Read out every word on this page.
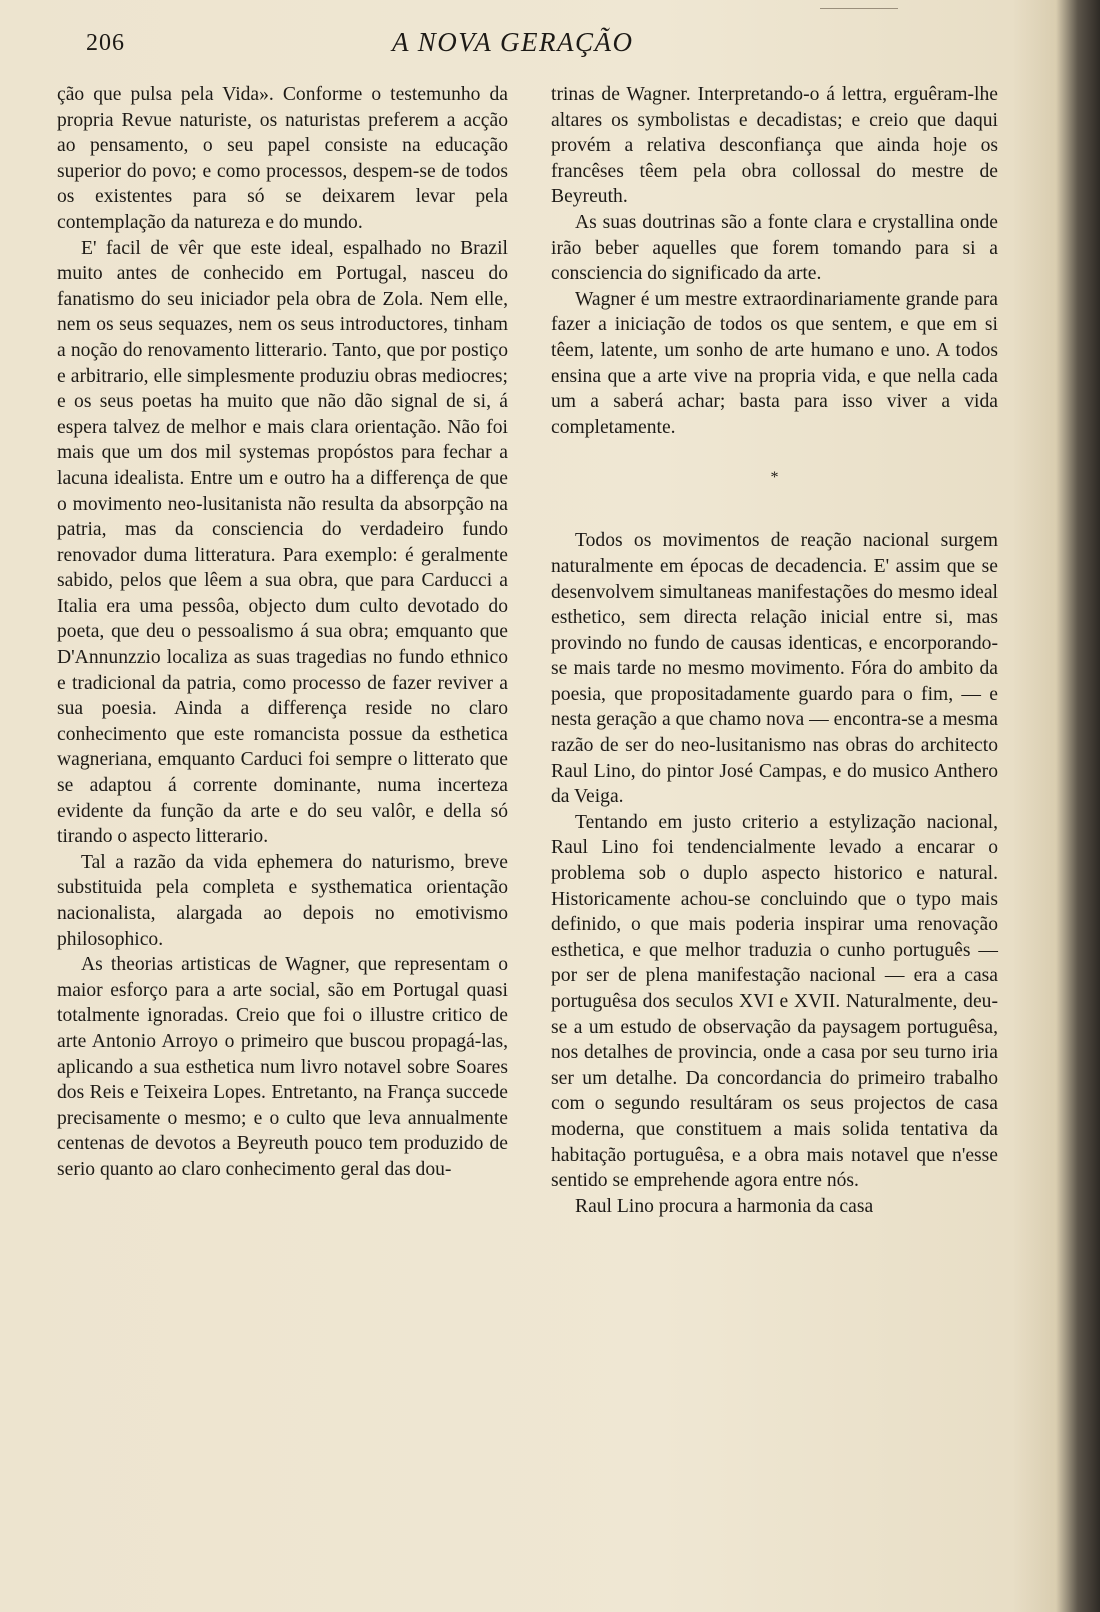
206	A NOVA GERAÇÃO

ção que pulsa pela Vida». Conforme o testemunho da propria Revue naturiste, os naturistas preferem a acção ao pensamento, o seu papel consiste na educação superior do povo; e como processos, despem-se de todos os existentes para só se deixarem levar pela contemplação da natureza e do mundo.

E' facil de vêr que este ideal, espalhado no Brazil muito antes de conhecido em Portugal, nasceu do fanatismo do seu iniciador pela obra de Zola. Nem elle, nem os seus sequazes, nem os seus introductores, tinham a noção do renovamento litterario. Tanto, que por postiço e arbitrario, elle simplesmente produziu obras mediocres; e os seus poetas ha muito que não dão signal de si, á espera talvez de melhor e mais clara orientação. Não foi mais que um dos mil systemas propóstos para fechar a lacuna idealista. Entre um e outro ha a differença de que o movimento neo-lusitanista não resulta da absorpção na patria, mas da consciencia do verdadeiro fundo renovador duma litteratura. Para exemplo: é geralmente sabido, pelos que lêem a sua obra, que para Carducci a Italia era uma pessôa, objecto dum culto devotado do poeta, que deu o pessoalismo á sua obra; emquanto que D'Annunzzio localiza as suas tragedias no fundo ethnico e tradicional da patria, como processo de fazer reviver a sua poesia. Ainda a differença reside no claro conhecimento que este romancista possue da esthetica wagneriana, emquanto Carduci foi sempre o litterato que se adaptou á corrente dominante, numa incerteza evidente da função da arte e do seu valôr, e della só tirando o aspecto litterario.

Tal a razão da vida ephemera do naturismo, breve substituida pela completa e systhematica orientação nacionalista, alargada ao depois no emotivismo philosophico.

As theorias artisticas de Wagner, que representam o maior esforço para a arte social, são em Portugal quasi totalmente ignoradas. Creio que foi o illustre critico de arte Antonio Arroyo o primeiro que buscou propagá-las, aplicando a sua esthetica num livro notavel sobre Soares dos Reis e Teixeira Lopes. Entretanto, na França succede precisamente o mesmo; e o culto que leva annualmente centenas de devotos a Beyreuth pouco tem produzido de serio quanto ao claro conhecimento geral das dou-

trinas de Wagner. Interpretando-o á lettra, erguêram-lhe altares os symbolistas e decadistas; e creio que daqui provém a relativa desconfiança que ainda hoje os francêses têem pela obra collossal do mestre de Beyreuth.

As suas doutrinas são a fonte clara e crystallina onde irão beber aquelles que forem tomando para si a consciencia do significado da arte.

Wagner é um mestre extraordinariamente grande para fazer a iniciação de todos os que sentem, e que em si têem, latente, um sonho de arte humano e uno. A todos ensina que a arte vive na propria vida, e que nella cada um a saberá achar; basta para isso viver a vida completamente.

*

Todos os movimentos de reação nacional surgem naturalmente em épocas de decadencia. E' assim que se desenvolvem simultaneas manifestações do mesmo ideal esthetico, sem directa relação inicial entre si, mas provindo no fundo de causas identicas, e encorporando-se mais tarde no mesmo movimento. Fóra do ambito da poesia, que propositadamente guardo para o fim, — e nesta geração a que chamo nova — encontra-se a mesma razão de ser do neo-lusitanismo nas obras do architecto Raul Lino, do pintor José Campas, e do musico Anthero da Veiga.

Tentando em justo criterio a estylização nacional, Raul Lino foi tendencialmente levado a encarar o problema sob o duplo aspecto historico e natural. Historicamente achou-se concluindo que o typo mais definido, o que mais poderia inspirar uma renovação esthetica, e que melhor traduzia o cunho português — por ser de plena manifestação nacional — era a casa portuguêsa dos seculos XVI e XVII. Naturalmente, deu-se a um estudo de observação da paysagem portuguêsa, nos detalhes de provincia, onde a casa por seu turno iria ser um detalhe. Da concordancia do primeiro trabalho com o segundo resultáram os seus projectos de casa moderna, que constituem a mais solida tentativa da habitação portuguêsa, e a obra mais notavel que n'esse sentido se emprehende agora entre nós.

Raul Lino procura a harmonia da casa
